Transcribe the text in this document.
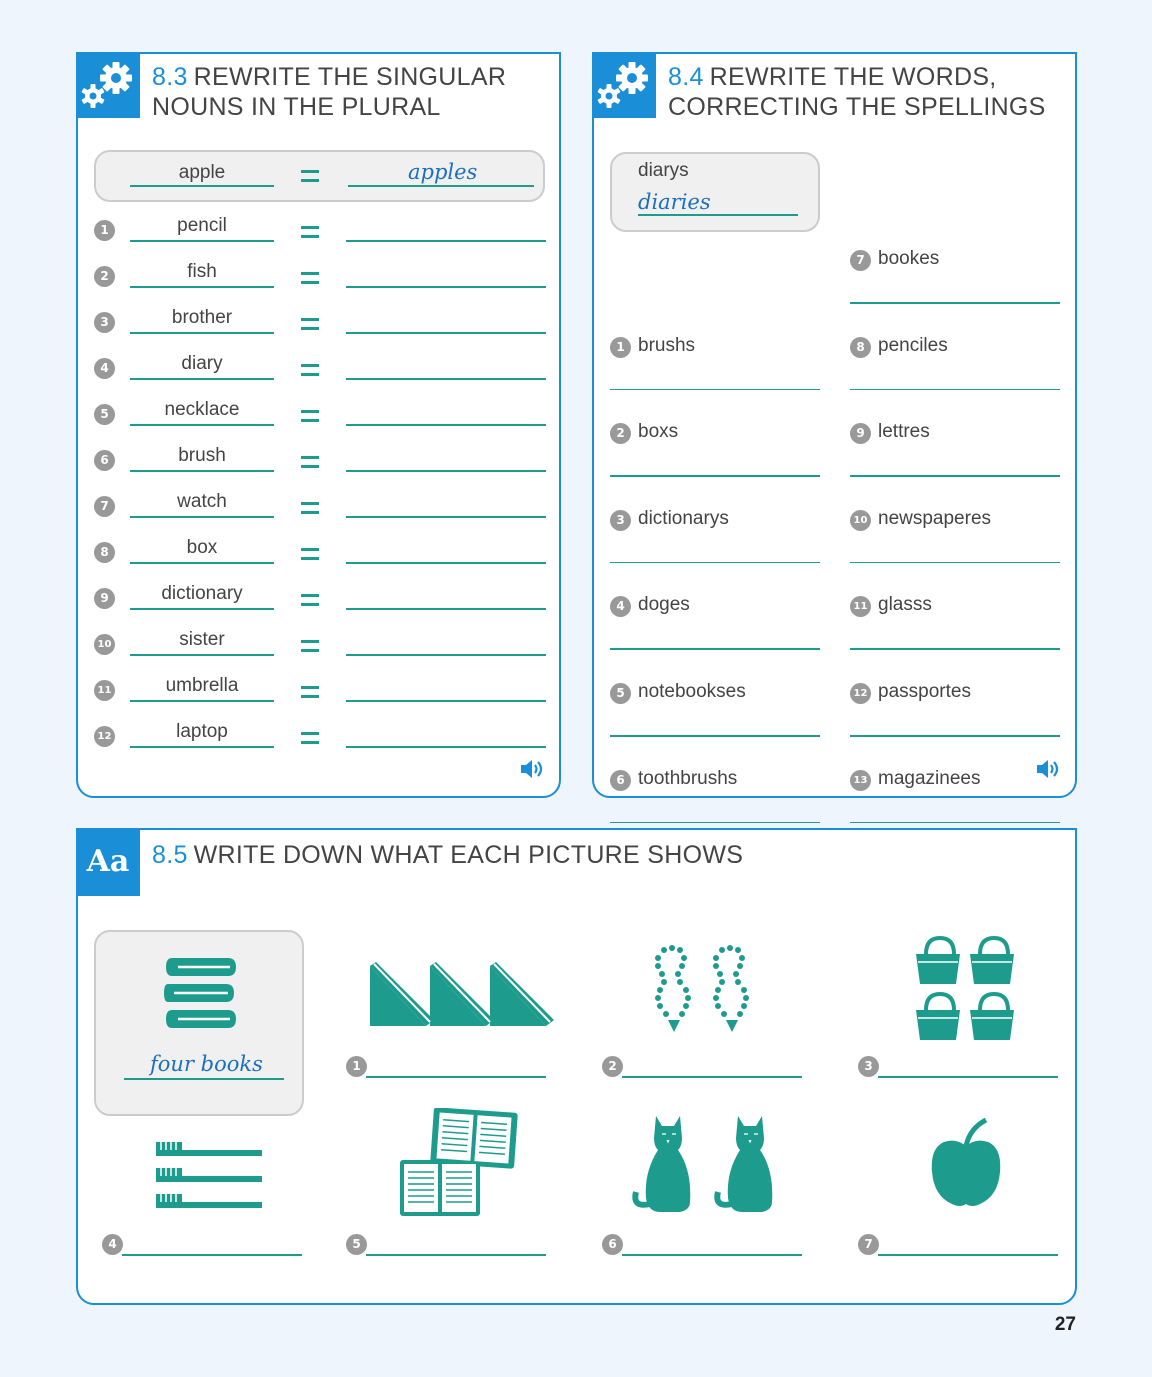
8.3 REWRITE THE SINGULAR
NOUNS IN THE PLURAL
apple	apples
1	pencil
2	fish
3	brother
4	diary
5	necklace
6	brush
7	watch
8	box
9	dictionary
10	sister
11	umbrella
12	laptop
8.4 REWRITE THE WORDS,
CORRECTING THE SPELLINGS
diarys
diaries
1 brushs
2 boxs
3 dictionarys
4 doges
5 notebookses
6 toothbrushs
7 bookes
8 penciles
9 lettres
10 newspaperes
11 glasss
12 passportes
13 magazinees
Aa 8.5 WRITE DOWN WHAT EACH PICTURE SHOWS
four books	1	2	3
4	5	6	7
27
